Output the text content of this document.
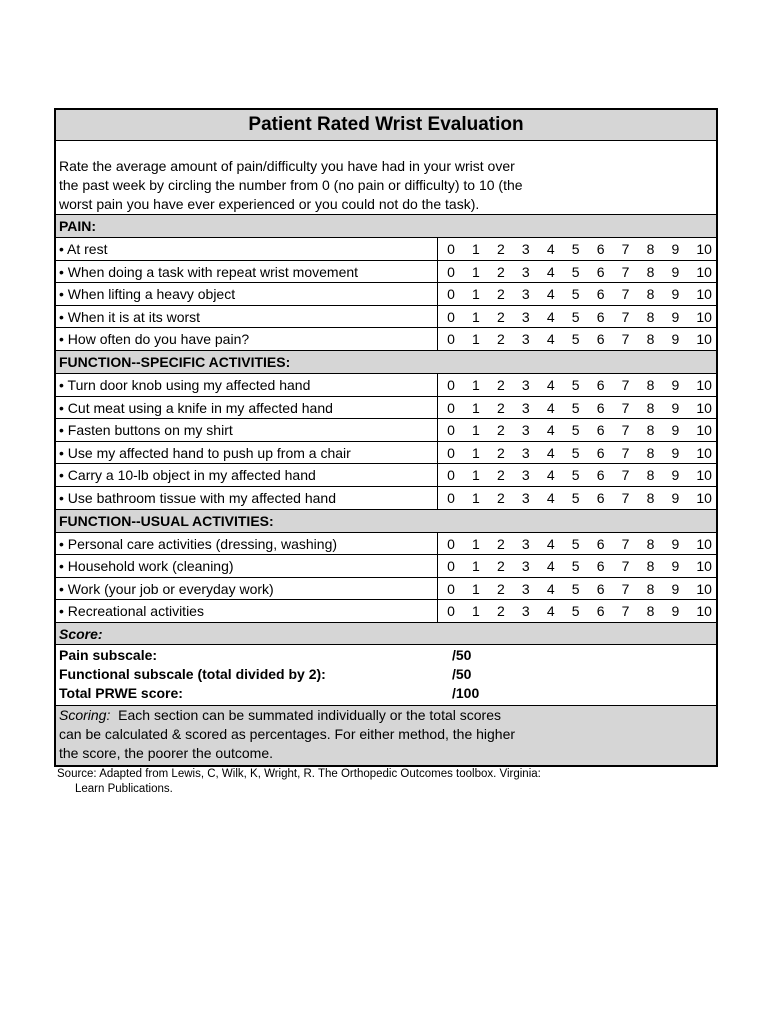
Patient Rated Wrist Evaluation
Rate the average amount of pain/difficulty you have had in your wrist over
the past week by circling the number from 0 (no pain or difficulty) to 10 (the
worst pain you have ever experienced or you could not do the task).
PAIN:
• At rest	0 1 2 3 4 5 6 7 8 9 10
• When doing a task with repeat wrist movement	0 1 2 3 4 5 6 7 8 9 10
• When lifting a heavy object	0 1 2 3 4 5 6 7 8 9 10
• When it is at its worst	0 1 2 3 4 5 6 7 8 9 10
• How often do you have pain?	0 1 2 3 4 5 6 7 8 9 10
FUNCTION--SPECIFIC ACTIVITIES:
• Turn door knob using my affected hand	0 1 2 3 4 5 6 7 8 9 10
• Cut meat using a knife in my affected hand	0 1 2 3 4 5 6 7 8 9 10
• Fasten buttons on my shirt	0 1 2 3 4 5 6 7 8 9 10
• Use my affected hand to push up from a chair	0 1 2 3 4 5 6 7 8 9 10
• Carry a 10-lb object in my affected hand	0 1 2 3 4 5 6 7 8 9 10
• Use bathroom tissue with my affected hand	0 1 2 3 4 5 6 7 8 9 10
FUNCTION--USUAL ACTIVITIES:
• Personal care activities (dressing, washing)	0 1 2 3 4 5 6 7 8 9 10
• Household work (cleaning)	0 1 2 3 4 5 6 7 8 9 10
• Work (your job or everyday work)	0 1 2 3 4 5 6 7 8 9 10
• Recreational activities	0 1 2 3 4 5 6 7 8 9 10
Score:
Pain subscale:	/50
Functional subscale (total divided by 2):	/50
Total PRWE score:	/100
Scoring:  Each section can be summated individually or the total scores
can be calculated & scored as percentages. For either method, the higher
the score, the poorer the outcome.
Source: Adapted from Lewis, C, Wilk, K, Wright, R. The Orthopedic Outcomes toolbox. Virginia:
Learn Publications.
